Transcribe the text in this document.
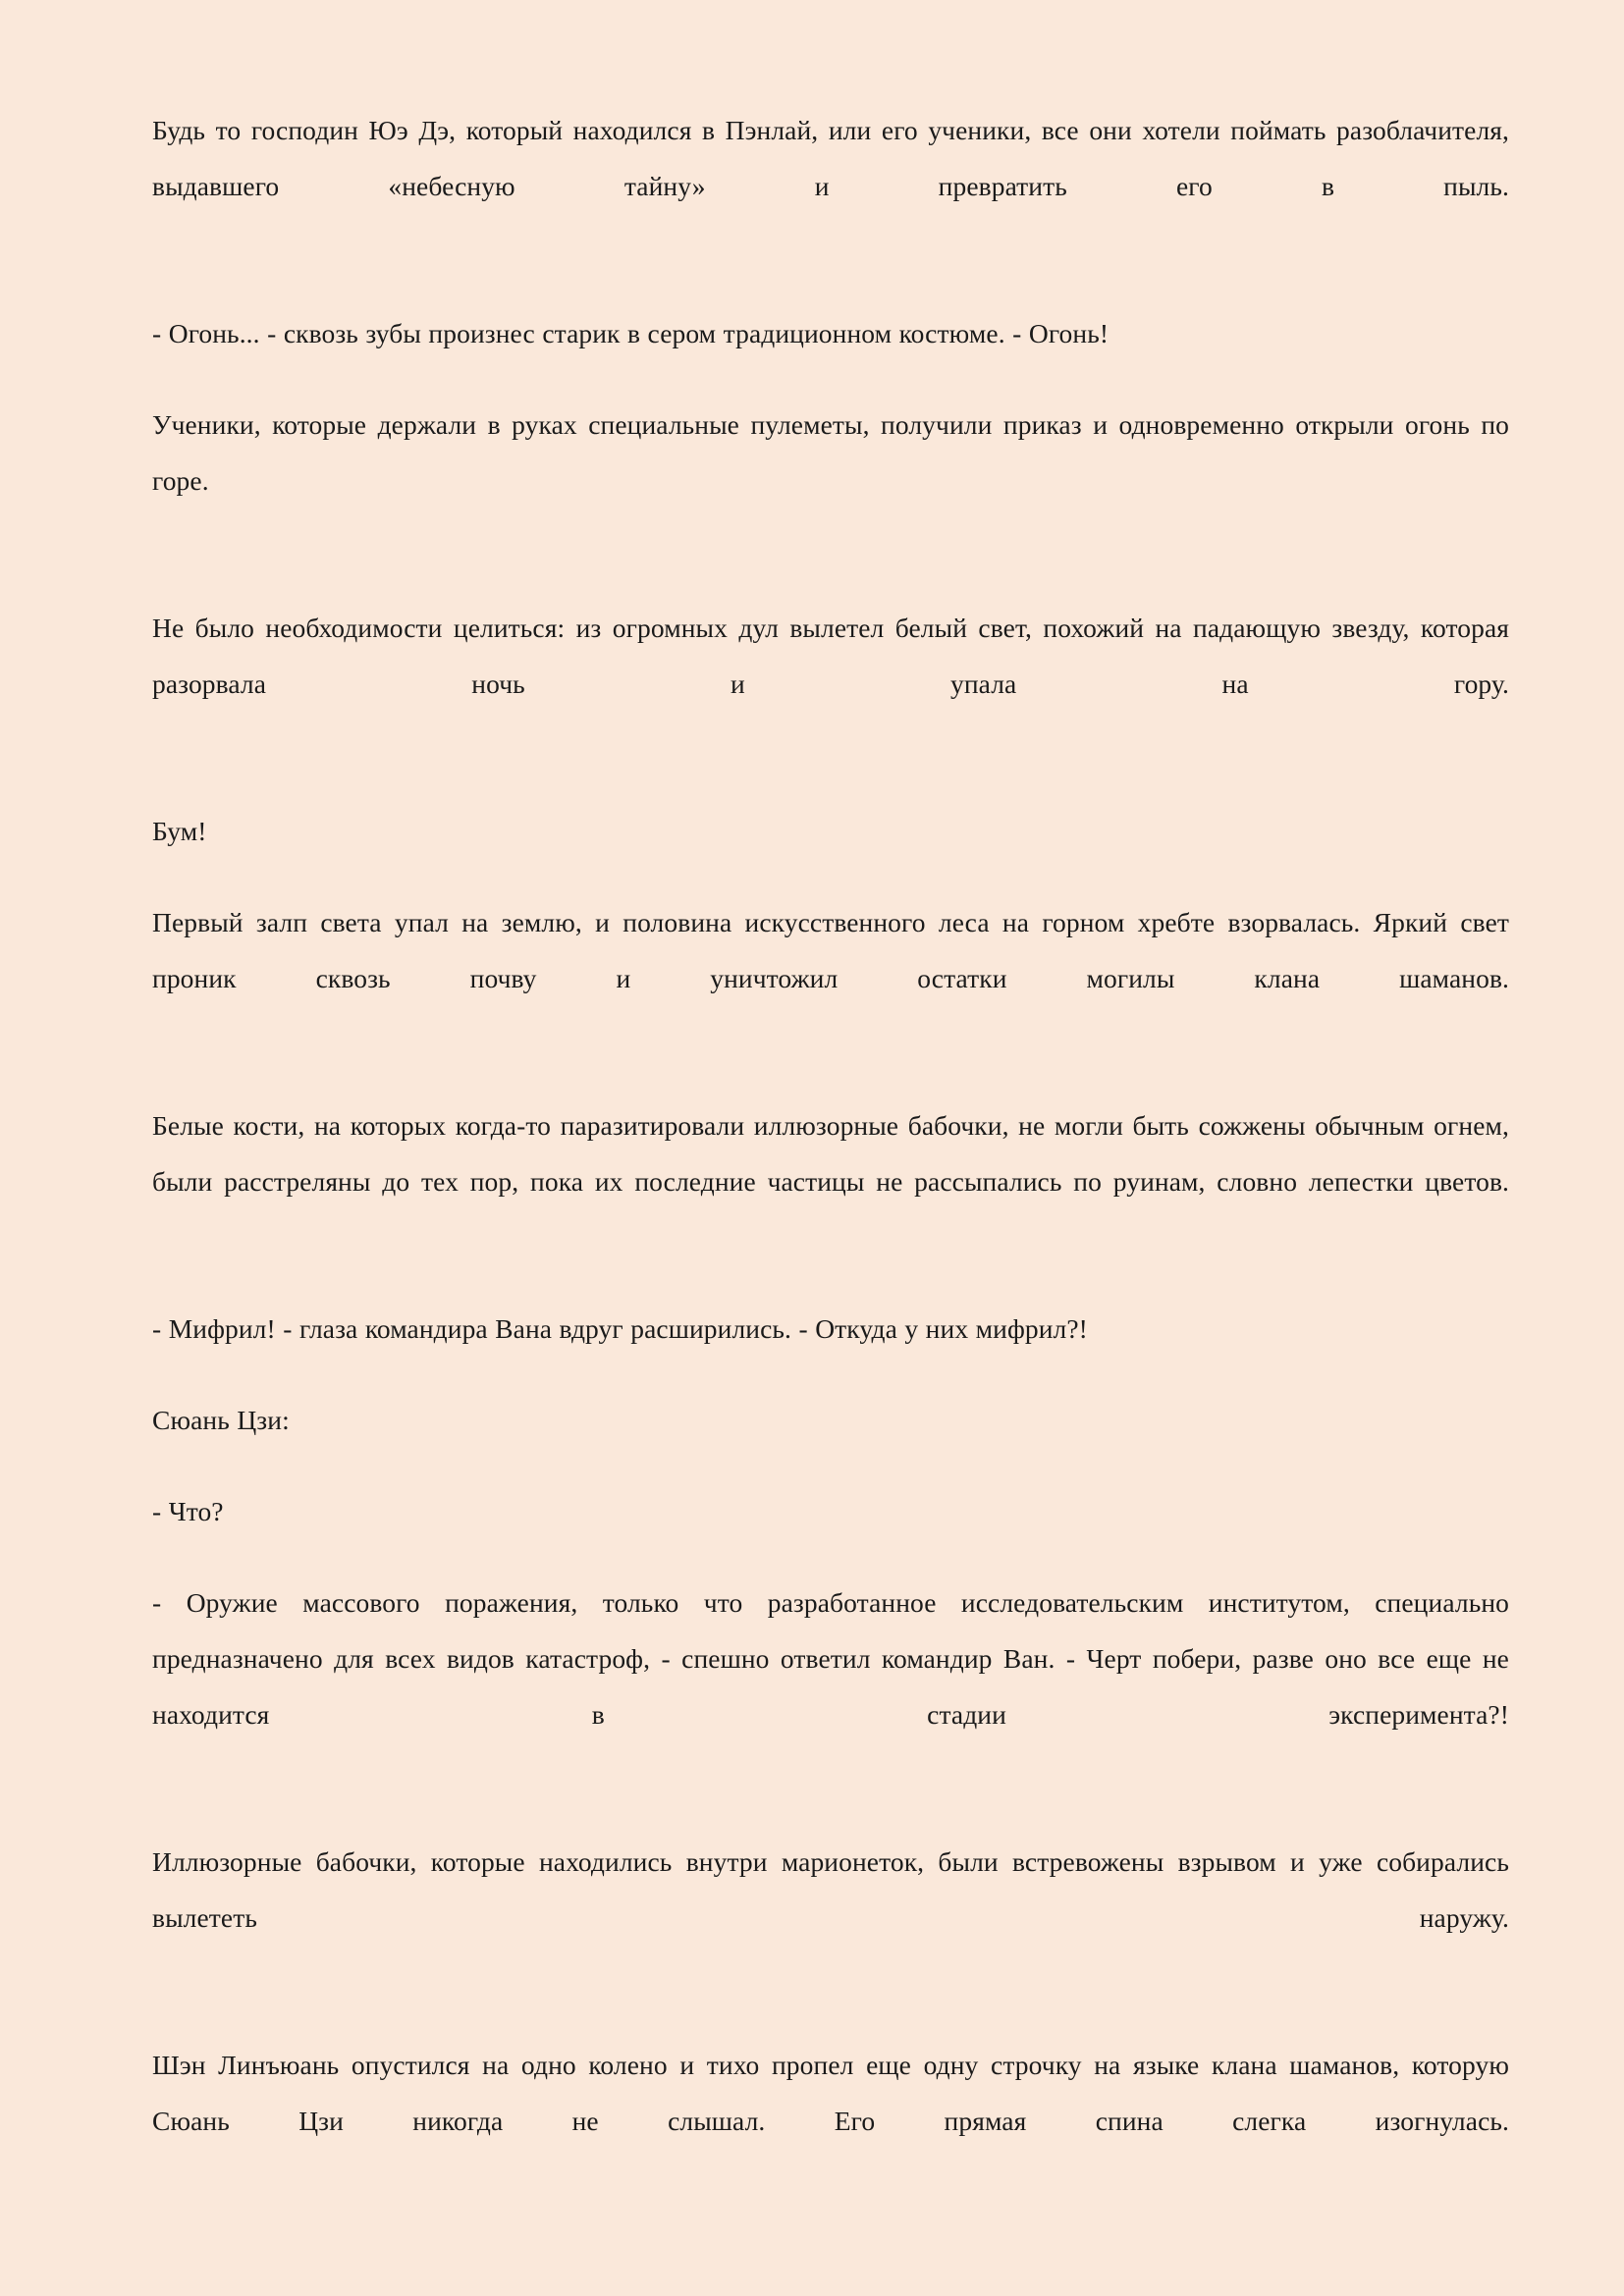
Будь то господин Юэ Дэ, который находился в Пэнлай, или его ученики, все они хотели поймать разоблачителя, выдавшего «небесную тайну» и превратить его в пыль.

- Огонь... - сквозь зубы произнес старик в сером традиционном костюме. - Огонь!

Ученики, которые держали в руках специальные пулеметы, получили приказ и одновременно открыли огонь по горе.

Не было необходимости целиться: из огромных дул вылетел белый свет, похожий на падающую звезду, которая разорвала ночь и упала на гору.

Бум!

Первый залп света упал на землю, и половина искусственного леса на горном хребте взорвалась. Яркий свет проник сквозь почву и уничтожил остатки могилы клана шаманов.

Белые кости, на которых когда-то паразитировали иллюзорные бабочки, не могли быть сожжены обычным огнем, были расстреляны до тех пор, пока их последние частицы не рассыпались по руинам, словно лепестки цветов.

- Мифрил! - глаза командира Вана вдруг расширились. - Откуда у них мифрил?!

Сюань Цзи:

- Что?

- Оружие массового поражения, только что разработанное исследовательским институтом, специально предназначено для всех видов катастроф, - спешно ответил командир Ван. - Черт побери, разве оно все еще не находится в стадии эксперимента?!

Иллюзорные бабочки, которые находились внутри марионеток, были встревожены взрывом и уже собирались вылететь наружу.

Шэн Линъюань опустился на одно колено и тихо пропел еще одну строчку на языке клана шаманов, которую Сюань Цзи никогда не слышал. Его прямая спина слегка изогнулась.
